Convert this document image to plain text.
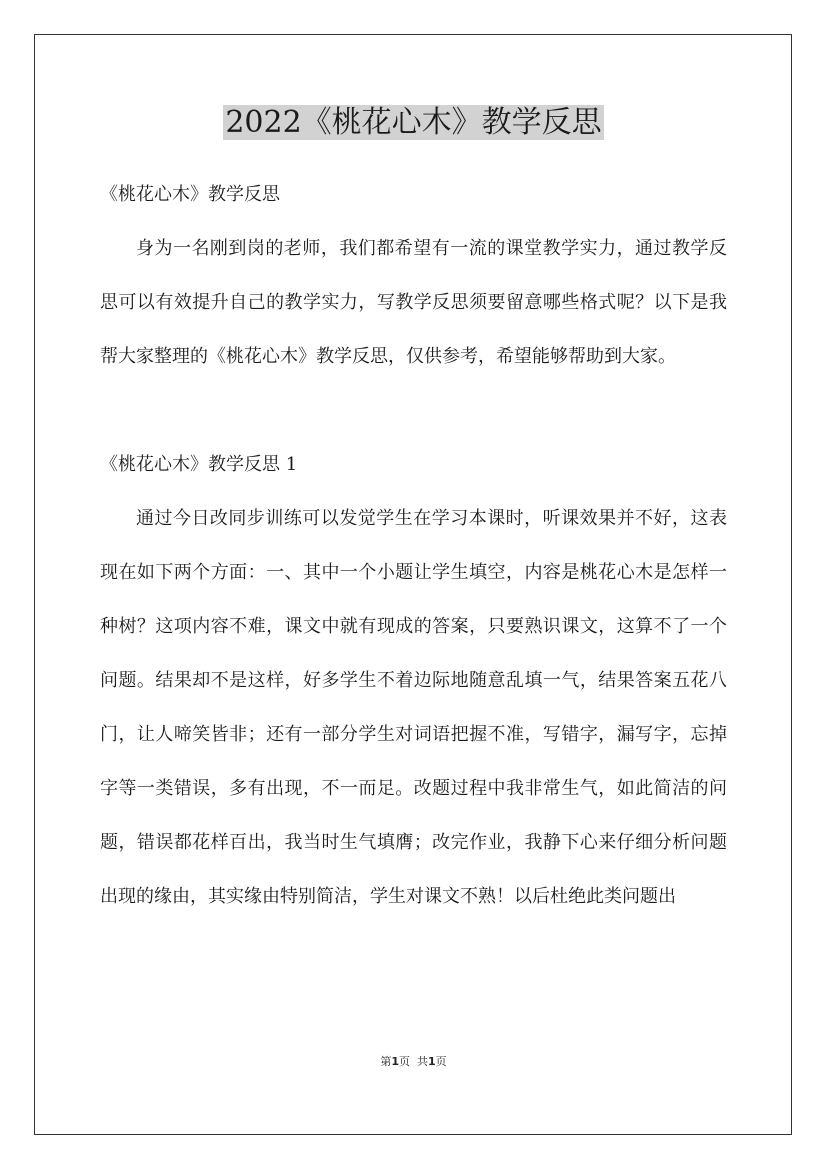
2022《桃花心木》教学反思

《桃花心木》教学反思

身为一名刚到岗的老师，我们都希望有一流的课堂教学实力，通过教学反思可以有效提升自己的教学实力，写教学反思须要留意哪些格式呢？以下是我帮大家整理的《桃花心木》教学反思，仅供参考，希望能够帮助到大家。

《桃花心木》教学反思 1

通过今日改同步训练可以发觉学生在学习本课时，听课效果并不好，这表现在如下两个方面：一、其中一个小题让学生填空，内容是桃花心木是怎样一种树？这项内容不难，课文中就有现成的答案，只要熟识课文，这算不了一个问题。结果却不是这样，好多学生不着边际地随意乱填一气，结果答案五花八门，让人啼笑皆非；还有一部分学生对词语把握不准，写错字，漏写字，忘掉字等一类错误，多有出现，不一而足。改题过程中我非常生气，如此简洁的问题，错误都花样百出，我当时生气填膺；改完作业，我静下心来仔细分析问题出现的缘由，其实缘由特别简洁，学生对课文不熟！以后杜绝此类问题出

第1页 共1页
